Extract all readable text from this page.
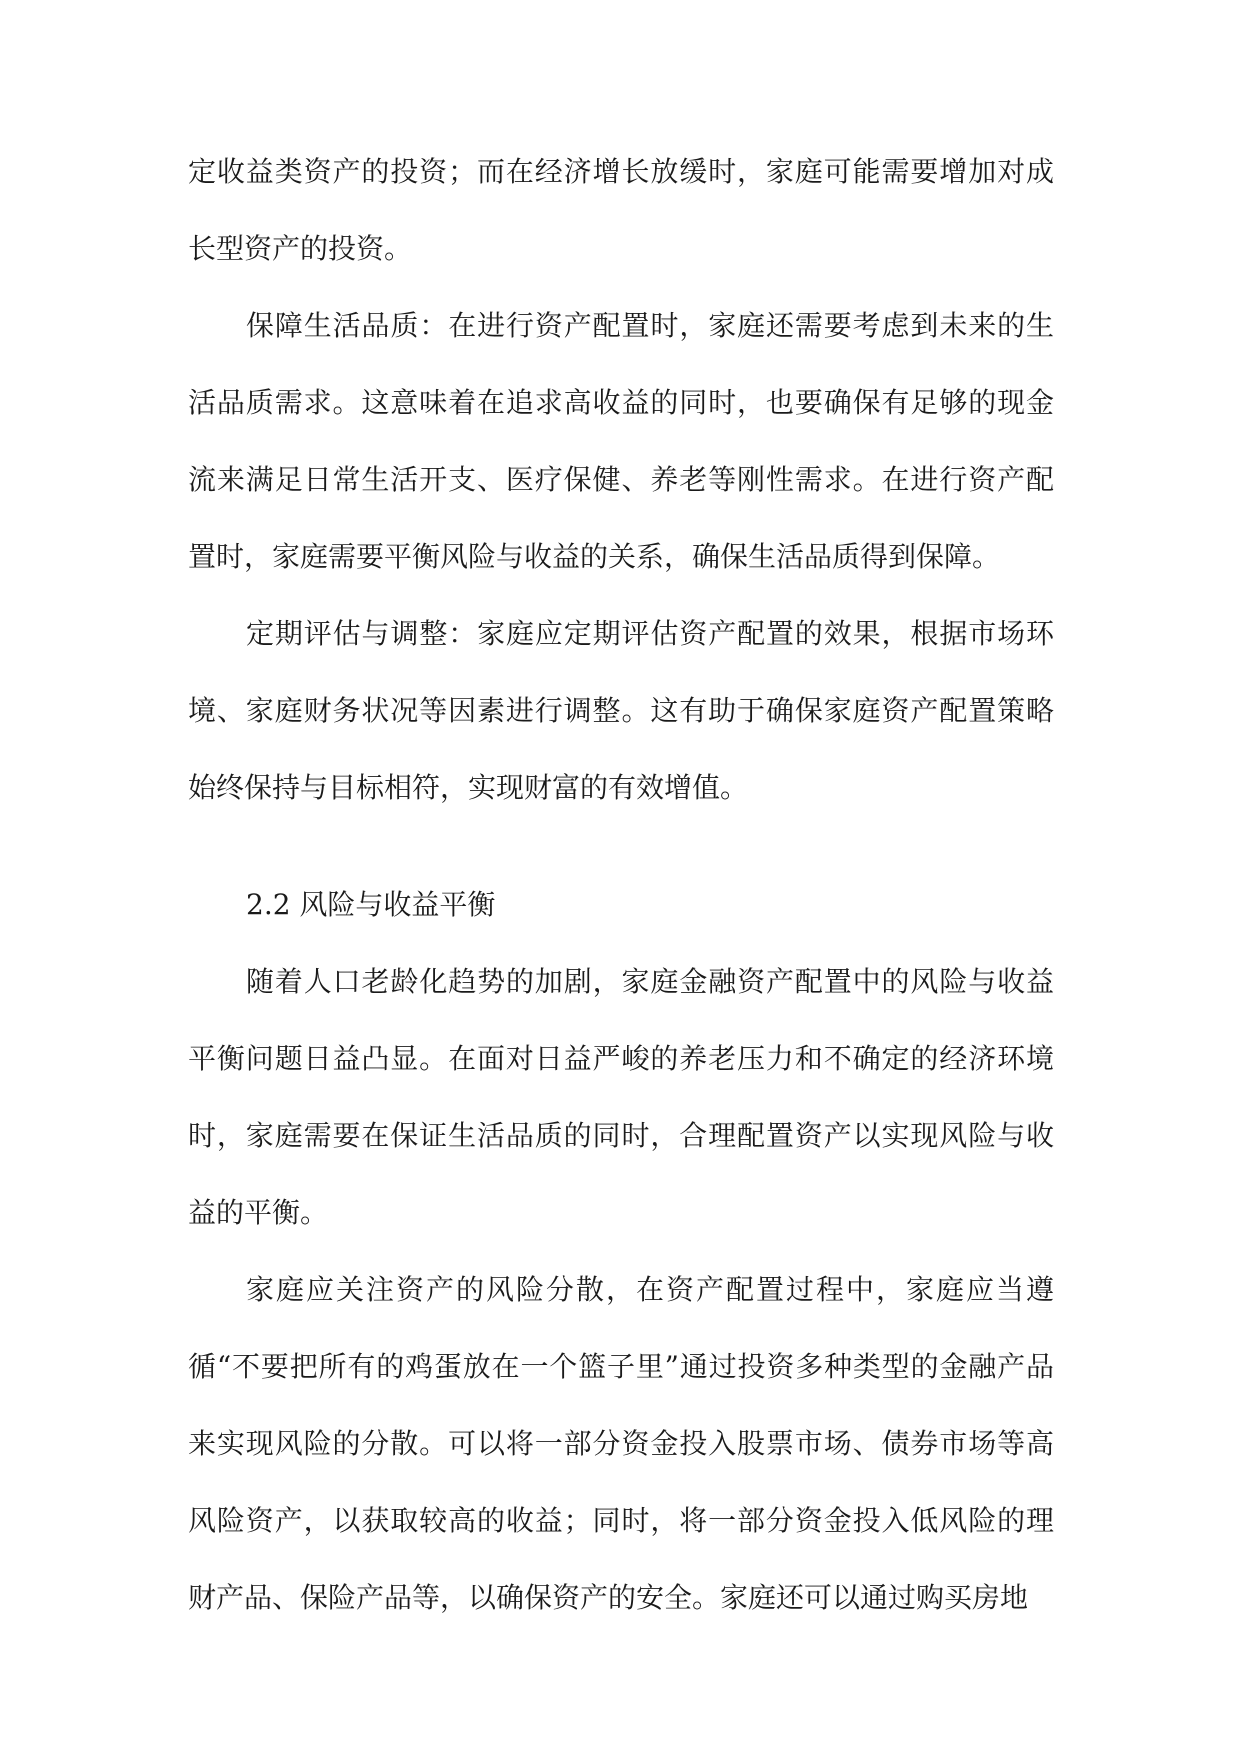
定收益类资产的投资；而在经济增长放缓时，家庭可能需要增加对成长型资产的投资。

保障生活品质：在进行资产配置时，家庭还需要考虑到未来的生活品质需求。这意味着在追求高收益的同时，也要确保有足够的现金流来满足日常生活开支、医疗保健、养老等刚性需求。在进行资产配置时，家庭需要平衡风险与收益的关系，确保生活品质得到保障。

定期评估与调整：家庭应定期评估资产配置的效果，根据市场环境、家庭财务状况等因素进行调整。这有助于确保家庭资产配置策略始终保持与目标相符，实现财富的有效增值。

2.2 风险与收益平衡

随着人口老龄化趋势的加剧，家庭金融资产配置中的风险与收益平衡问题日益凸显。在面对日益严峻的养老压力和不确定的经济环境时，家庭需要在保证生活品质的同时，合理配置资产以实现风险与收益的平衡。

家庭应关注资产的风险分散，在资产配置过程中，家庭应当遵循“不要把所有的鸡蛋放在一个篮子里”通过投资多种类型的金融产品来实现风险的分散。可以将一部分资金投入股票市场、债券市场等高风险资产，以获取较高的收益；同时，将一部分资金投入低风险的理财产品、保险产品等，以确保资产的安全。家庭还可以通过购买房地
